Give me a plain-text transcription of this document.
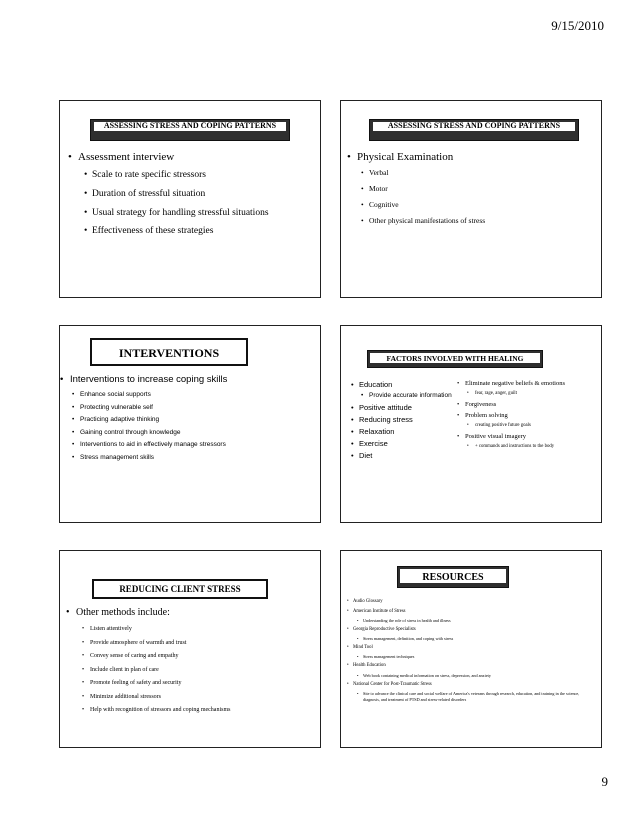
9/15/2010
ASSESSING STRESS AND COPING PATTERNS
• Assessment interview
• Scale to rate specific stressors
• Duration of stressful situation
• Usual strategy for handling stressful situations
• Effectiveness of these strategies
ASSESSING STRESS AND COPING PATTERNS
• Physical Examination
• Verbal
• Motor
• Cognitive
• Other physical manifestations of stress
INTERVENTIONS
• Interventions to increase coping skills
• Enhance social supports
• Protecting vulnerable self
• Practicing adaptive thinking
• Gaining control through knowledge
• Interventions to aid in effectively manage stressors
• Stress management skills
FACTORS INVOLVED WITH HEALING
• Education
• Provide accurate information
• Positive attitude
• Reducing stress
• Relaxation
• Exercise
• Diet
• Eliminate negative beliefs & emotions
• fear, rage, anger, guilt
• Forgiveness
• Problem solving
• creating positive future goals
• Positive visual imagery
• + commands and instructions to the body
REDUCING CLIENT STRESS
• Other methods include:
• Listen attentively
• Provide atmosphere of warmth and trust
• Convey sense of caring and empathy
• Include client in plan of care
• Promote feeling of safety and security
• Minimize additional stressors
• Help with recognition of stressors and coping mechanisms
RESOURCES
• Audio Glossary
• American Institute of Stress
• Understanding the role of stress in health and illness
• Georgia Reproductive Specialists
• Stress management, definition, and coping with stress
• Mind Tool
• Stress management techniques
• Health Education
• Web book containing medical information on stress, depression, and anxiety
• National Center for Post-Traumatic Stress
• Site to advance the clinical care and social welfare of America's veterans through research, education, and training in the science, diagnosis, and treatment of PTSD and stress-related disorders
9
